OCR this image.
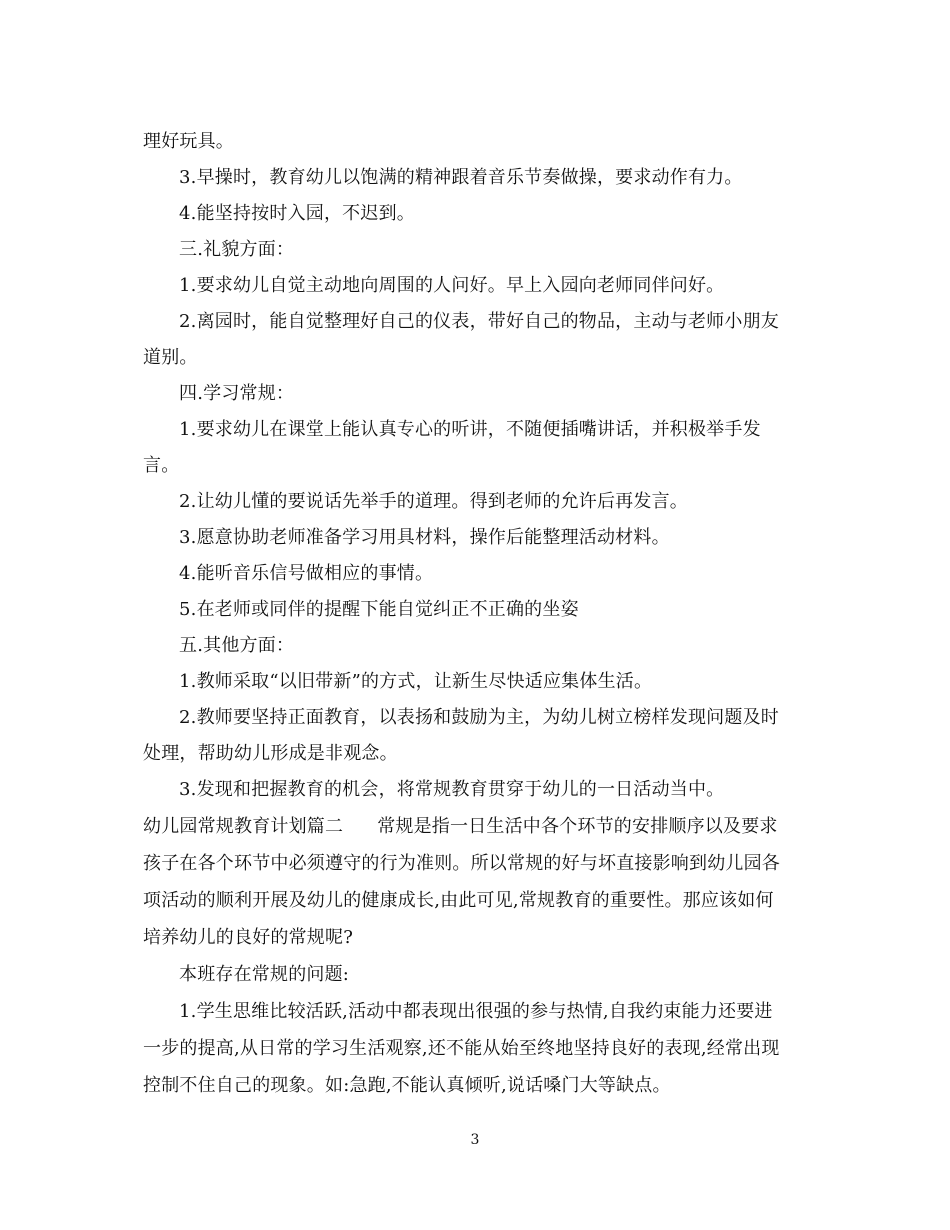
理好玩具。
3.早操时，教育幼儿以饱满的精神跟着音乐节奏做操，要求动作有力。
4.能坚持按时入园，不迟到。
三.礼貌方面：
1.要求幼儿自觉主动地向周围的人问好。早上入园向老师同伴问好。
2.离园时，能自觉整理好自己的仪表，带好自己的物品，主动与老师小朋友
道别。
四.学习常规：
1.要求幼儿在课堂上能认真专心的听讲，不随便插嘴讲话，并积极举手发
言。
2.让幼儿懂的要说话先举手的道理。得到老师的允许后再发言。
3.愿意协助老师准备学习用具材料，操作后能整理活动材料。
4.能听音乐信号做相应的事情。
5.在老师或同伴的提醒下能自觉纠正不正确的坐姿
五.其他方面：
1.教师采取“以旧带新”的方式，让新生尽快适应集体生活。
2.教师要坚持正面教育，以表扬和鼓励为主，为幼儿树立榜样发现问题及时
处理，帮助幼儿形成是非观念。
3.发现和把握教育的机会，将常规教育贯穿于幼儿的一日活动当中。
幼儿园常规教育计划篇二 常规是指一日生活中各个环节的安排顺序以及要求
孩子在各个环节中必须遵守的行为准则。所以常规的好与坏直接影响到幼儿园各
项活动的顺利开展及幼儿的健康成长,由此可见,常规教育的重要性。那应该如何
培养幼儿的良好的常规呢?
本班存在常规的问题:
1.学生思维比较活跃,活动中都表现出很强的参与热情,自我约束能力还要进
一步的提高,从日常的学习生活观察,还不能从始至终地坚持良好的表现,经常出现
控制不住自己的现象。如:急跑,不能认真倾听,说话嗓门大等缺点。
3
